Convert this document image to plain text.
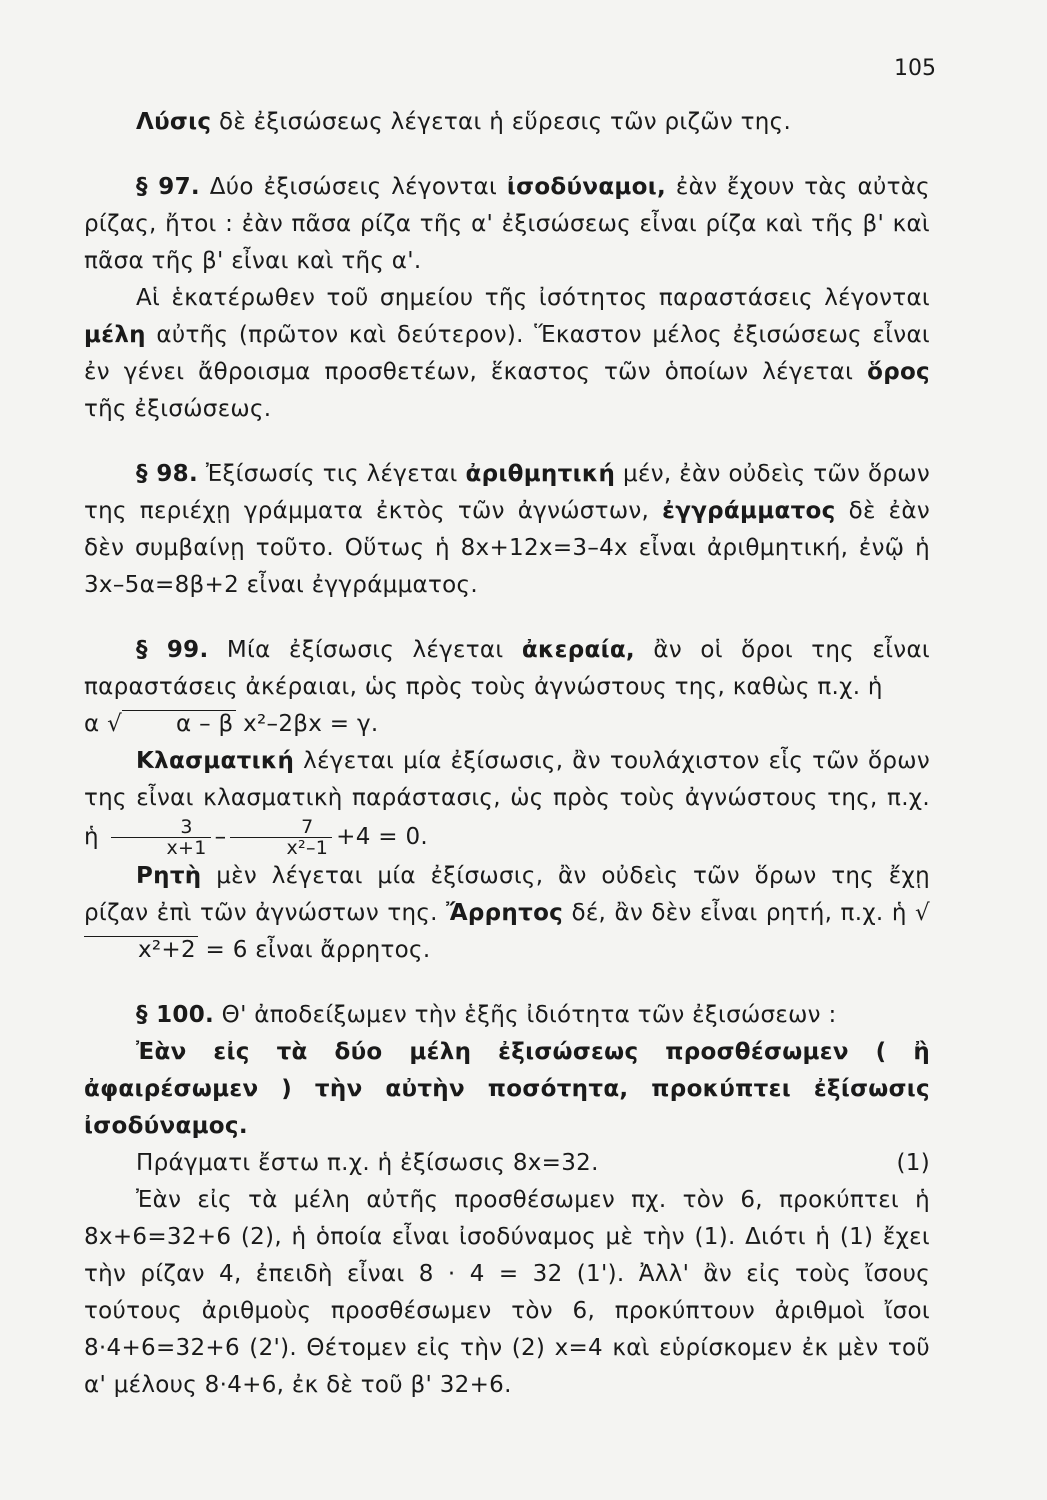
105

Λύσις δὲ ἐξισώσεως λέγεται ἡ εὕρεσις τῶν ριζῶν της.

§ 97. Δύο ἐξισώσεις λέγονται ἰσοδύναμοι, ἐὰν ἔχουν τὰς αὐτὰς ρίζας, ἤτοι : ἐὰν πᾶσα ρίζα τῆς α' ἐξισώσεως εἶναι ρίζα καὶ τῆς β' καὶ πᾶσα τῆς β' εἶναι καὶ τῆς α'.

Αἱ ἑκατέρωθεν τοῦ σημείου τῆς ἰσότητος παραστάσεις λέγονται μέλη αὐτῆς (πρῶτον καὶ δεύτερον). Ἕκαστον μέλος ἐξισώσεως εἶναι ἐν γένει ἄθροισμα προσθετέων, ἕκαστος τῶν ὁποίων λέγεται ὅρος τῆς ἐξισώσεως.

§ 98. Ἐξίσωσίς τις λέγεται ἀριθμητική μέν, ἐὰν οὐδεὶς τῶν ὅρων της περιέχῃ γράμματα ἐκτὸς τῶν ἀγνώστων, ἐγγράμματος δὲ ἐὰν δὲν συμβαίνῃ τοῦτο. Οὕτως ἡ 8x+12x=3–4x εἶναι ἀριθμητική, ἐνῷ ἡ 3x–5α=8β+2 εἶναι ἐγγράμματος.

§ 99. Μία ἐξίσωσις λέγεται ἀκεραία, ἂν οἱ ὅροι της εἶναι παραστάσεις ἀκέραιαι, ὡς πρὸς τοὺς ἀγνώστους της, καθὼς π.χ. ἡ
α √ α – β x²–2βx = γ.

Κλασματική λέγεται μία ἐξίσωσις, ἂν τουλάχιστον εἷς τῶν ὅρων της εἶναι κλασματικὴ παράστασις, ὡς πρὸς τοὺς ἀγνώστους της, π.χ. ἡ $\frac{3}{x+1} - \frac{7}{\text{x²–1}} +4 = 0$.

Ρητὴ μὲν λέγεται μία ἐξίσωσις, ἂν οὐδεὶς τῶν ὅρων της ἔχῃ ρίζαν ἐπὶ τῶν ἀγνώστων της. Ἄρρητος δέ, ἂν δὲν εἶναι ρητή, π.χ. ἡ √x²+2 = 6 εἶναι ἄρρητος.

§ 100. Θ' ἀποδείξωμεν τὴν ἑξῆς ἰδιότητα τῶν ἐξισώσεων :

Ἐὰν εἰς τὰ δύο μέλη ἐξισώσεως προσθέσωμεν ( ἢ ἀφαιρέσωμεν ) τὴν αὐτὴν ποσότητα, προκύπτει ἐξίσωσις ἰσοδύναμος.

Πράγματι ἔστω π.χ. ἡ ἐξίσωσις 8x=32.	(1)

Ἐὰν εἰς τὰ μέλη αὐτῆς προσθέσωμεν πχ. τὸν 6, προκύπτει ἡ 8x+6=32+6 (2), ἡ ὁποία εἶναι ἰσοδύναμος μὲ τὴν (1). Διότι ἡ (1) ἔχει τὴν ρίζαν 4, ἐπειδὴ εἶναι 8 · 4 = 32 (1'). Ἀλλ' ἂν εἰς τοὺς ἴσους τούτους ἀριθμοὺς προσθέσωμεν τὸν 6, προκύπτουν ἀριθμοὶ ἴσοι 8·4+6=32+6 (2'). Θέτομεν εἰς τὴν (2) x=4 καὶ εὑρίσκομεν ἐκ μὲν τοῦ α' μέλους 8·4+6, ἐκ δὲ τοῦ β' 32+6.
